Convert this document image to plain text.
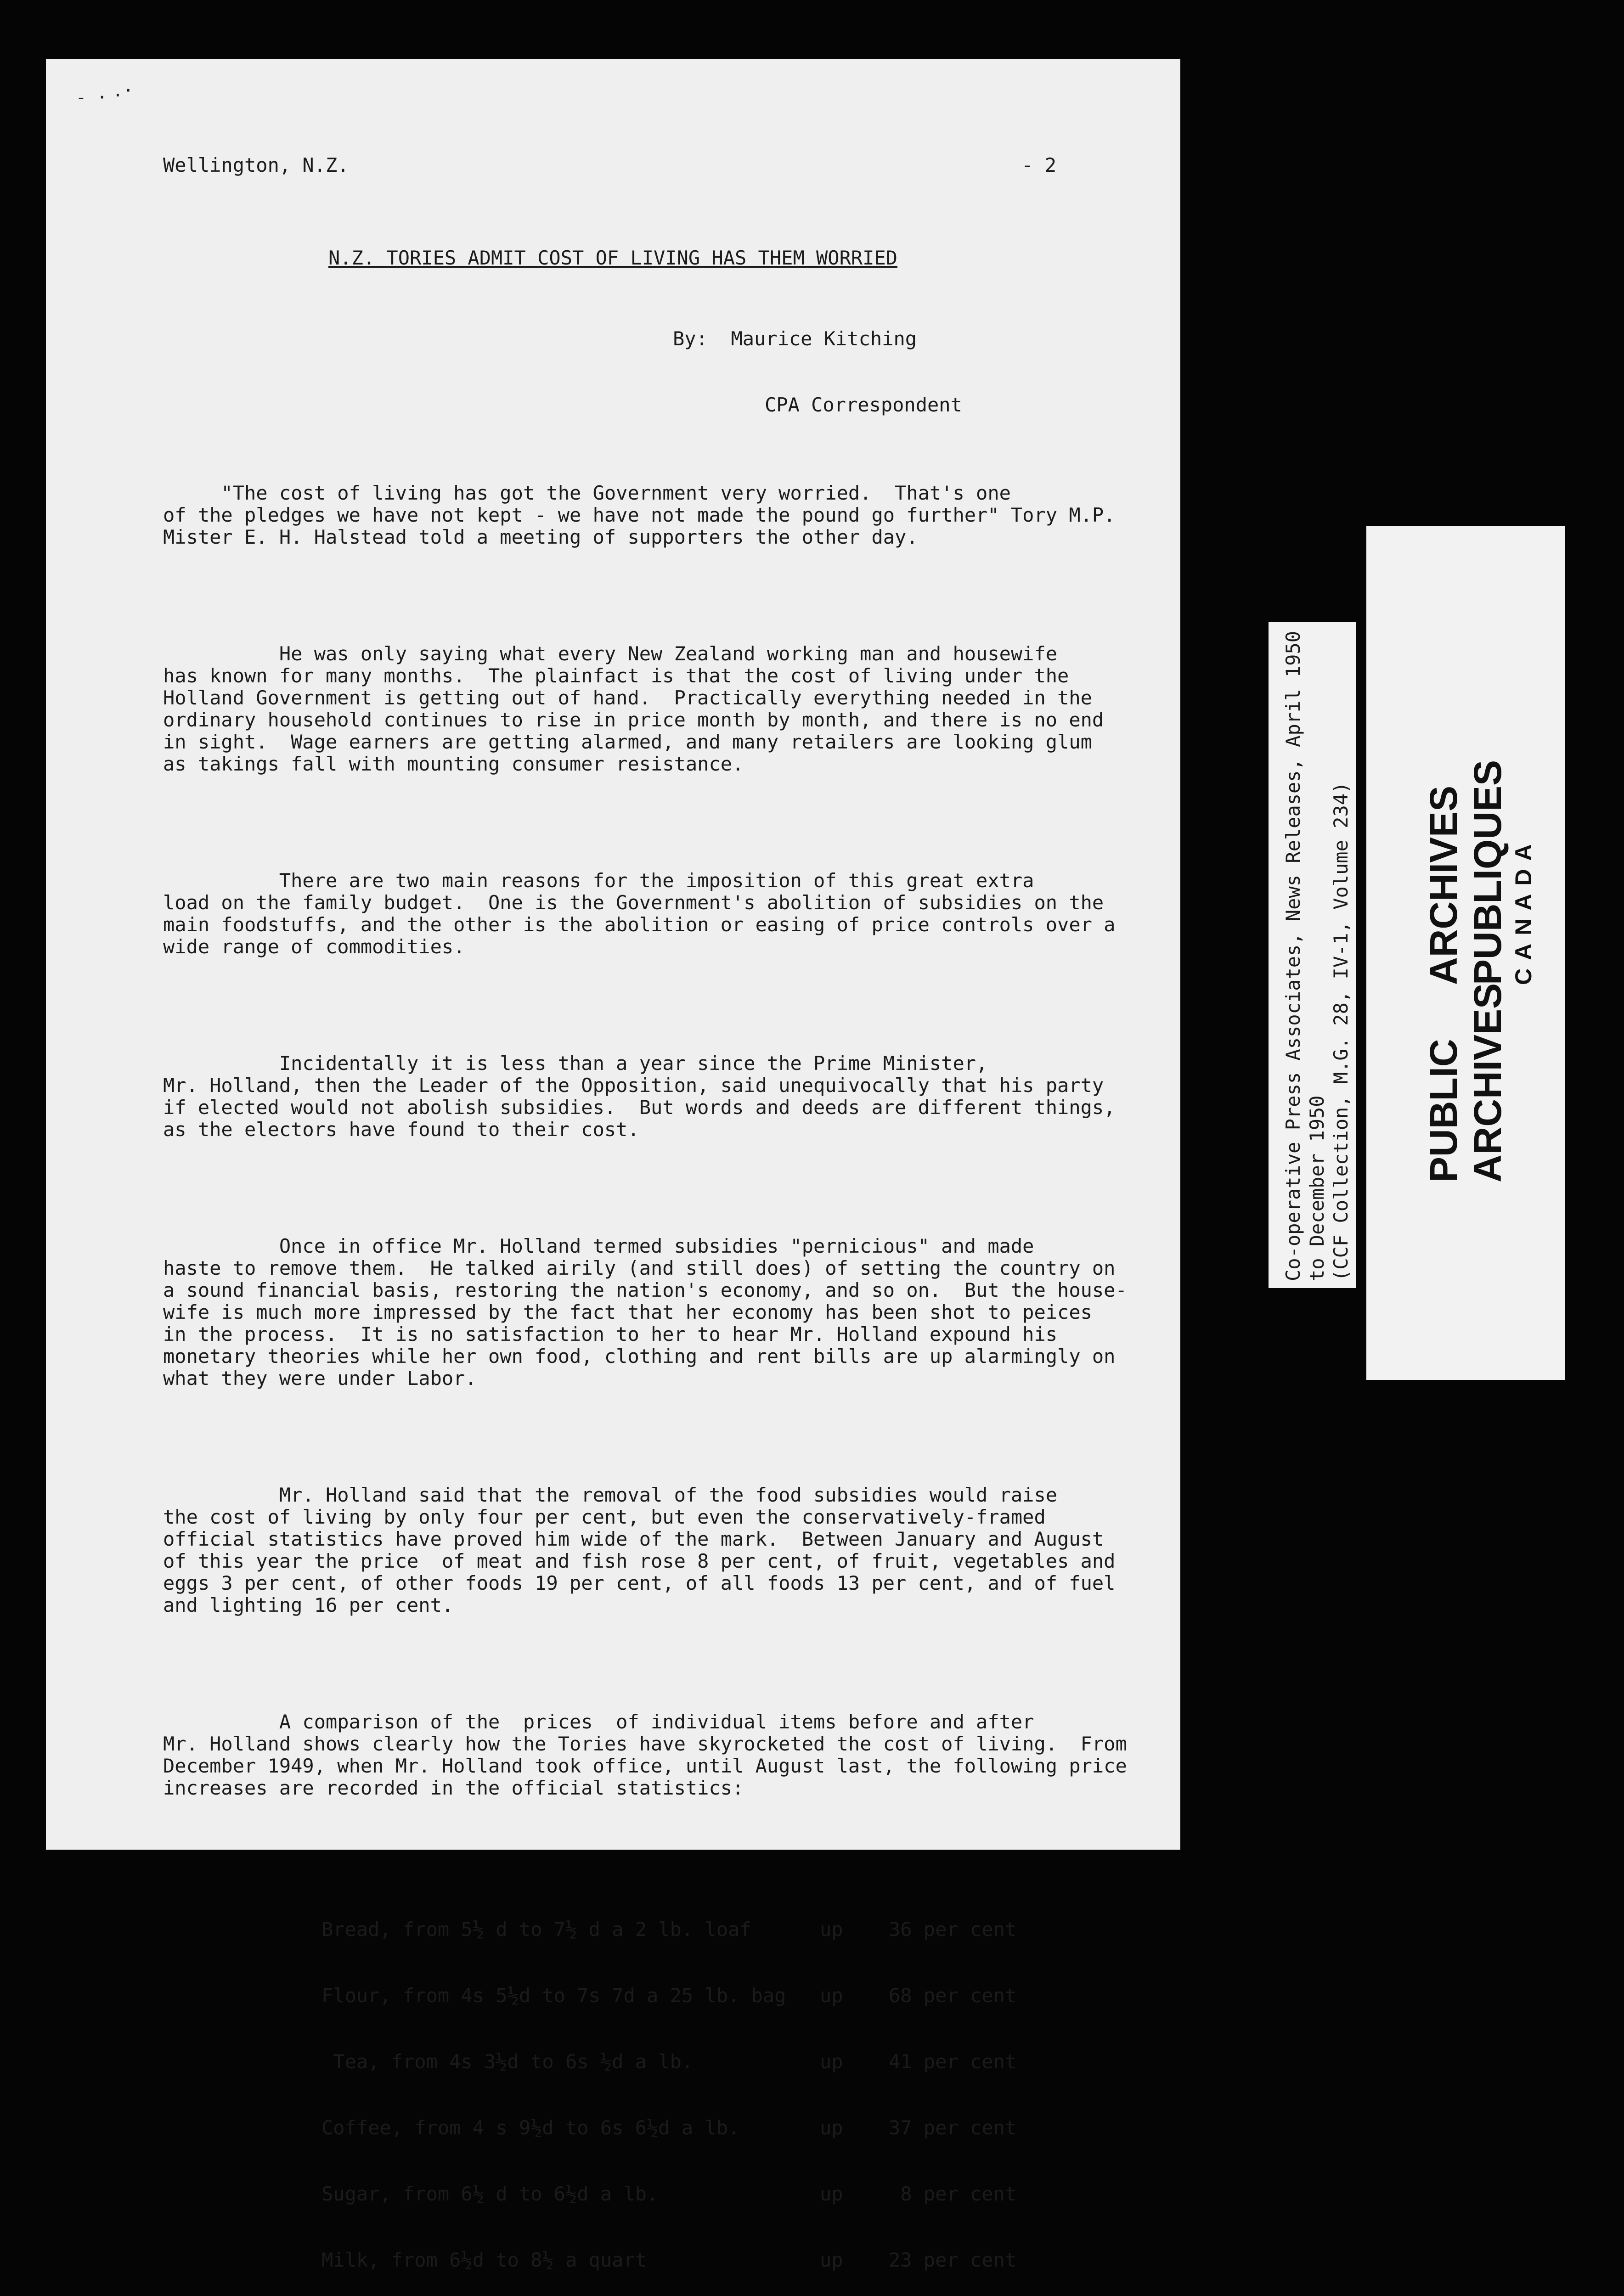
- · .·

Wellington, N.Z.	- 2

N.Z. TORIES ADMIT COST OF LIVING HAS THEM WORRIED

By: Maurice Kitching

CPA Correspondent

"The cost of living has got the Government very worried.  That's one
of the pledges we have not kept - we have not made the pound go further" Tory M.P.
Mister E. H. Halstead told a meeting of supporters the other day.

He was only saying what every New Zealand working man and housewife
has known for many months.  The plainfact is that the cost of living under the
Holland Government is getting out of hand.  Practically everything needed in the
ordinary household continues to rise in price month by month, and there is no end
in sight.  Wage earners are getting alarmed, and many retailers are looking glum
as takings fall with mounting consumer resistance.

There are two main reasons for the imposition of this great extra
load on the family budget.  One is the Government's abolition of subsidies on the
main foodstuffs, and the other is the abolition or easing of price controls over a
wide range of commodities.

Incidentally it is less than a year since the Prime Minister,
Mr. Holland, then the Leader of the Opposition, said unequivocally that his party
if elected would not abolish subsidies.  But words and deeds are different things,
as the electors have found to their cost.

Once in office Mr. Holland termed subsidies "pernicious" and made
haste to remove them.  He talked airily (and still does) of setting the country on
a sound financial basis, restoring the nation's economy, and so on.  But the house-
wife is much more impressed by the fact that her economy has been shot to peices
in the process.  It is no satisfaction to her to hear Mr. Holland expound his
monetary theories while her own food, clothing and rent bills are up alarmingly on
what they were under Labor.

Mr. Holland said that the removal of the food subsidies would raise
the cost of living by only four per cent, but even the conservatively-framed
official statistics have proved him wide of the mark.  Between January and August
of this year the price  of meat and fish rose 8 per cent, of fruit, vegetables and
eggs 3 per cent, of other foods 19 per cent, of all foods 13 per cent, and of fuel
and lighting 16 per cent.

A comparison of the  prices  of individual items before and after
Mr. Holland shows clearly how the Tories have skyrocketed the cost of living.  From
December 1949, when Mr. Holland took office, until August last, the following price
increases are recorded in the official statistics:

Bread, from 5½ d to 7½ d a 2 lb. loaf	up	36 per cent

Flour, from 4s 5½d to 7s 7d a 25 lb. bag	up	68 per cent

Tea, from 4s 3½d to 6s ½d a lb.	up	41 per cent

Coffee, from 4 s 9½d to 6s 6½d a lb.	up	37 per cent

Sugar, from 6½ d to 6½d a lb.	up	8 per cent

Milk, from 6½d to 8½ a quart	up	23 per cent

Co-operative Press Associates, News Releases, April 1950
to December 1950
(CCF Collection, M.G. 28, IV-1, Volume 234)
PUBLIC
ARCHIVES
ARCHIVES
PUBLIQUES CANADA
